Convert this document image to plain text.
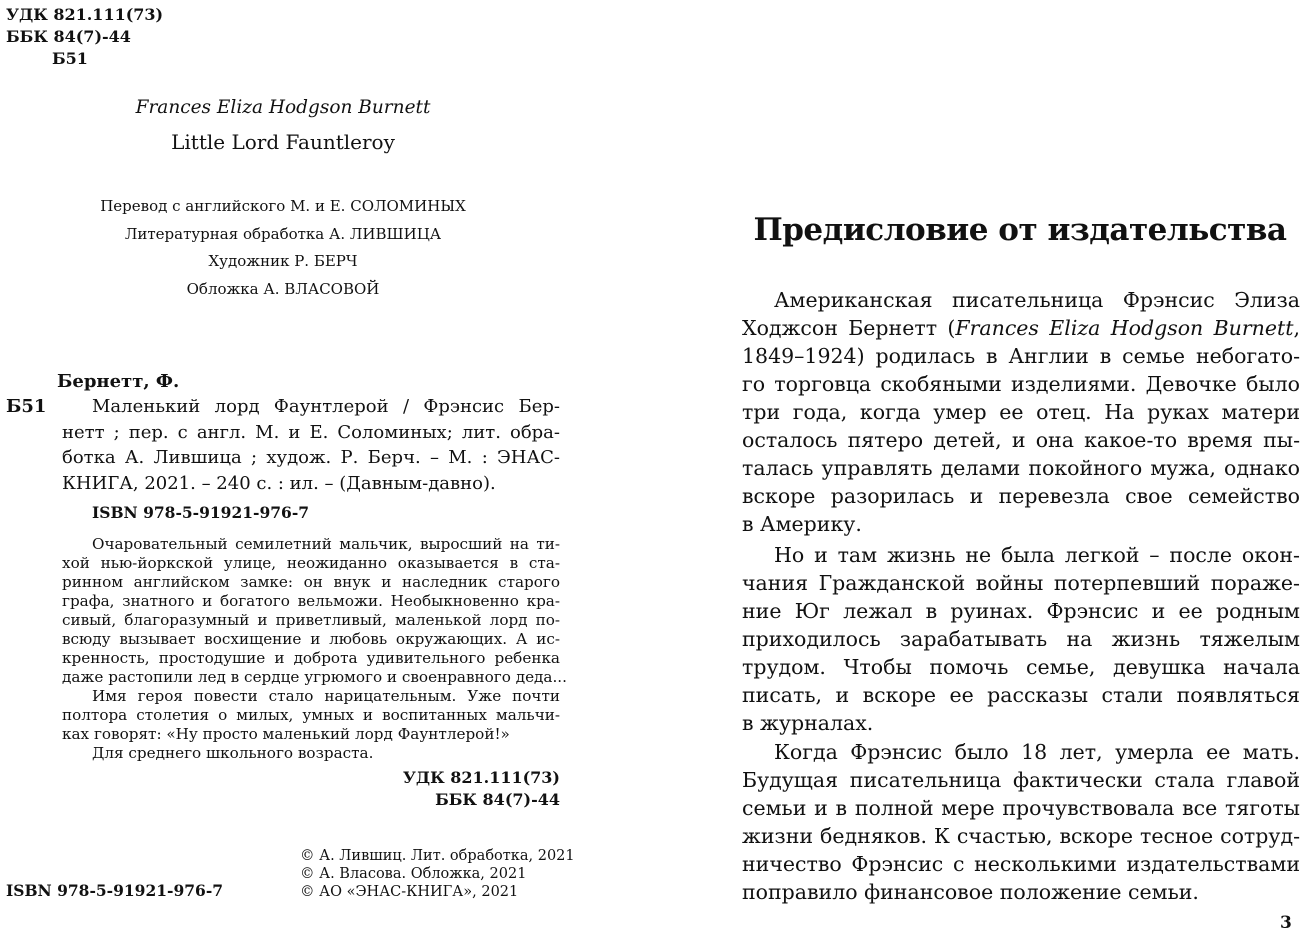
УДК 821.111(73)
ББК 84(7)-44
Б51
Frances Eliza Hodgson Burnett
Little Lord Fauntleroy
Перевод с английского М. и Е. СОЛОМИНЫХ
Литературная обработка А. ЛИВШИЦА
Художник Р. БЕРЧ
Обложка А. ВЛАСОВОЙ
Бернетт, Ф.
Б51	Маленький лорд Фаунтлерой / Фрэнсис Бер-
нетт ; пер. с англ. М. и Е. Соломиных; лит. обра-
ботка А. Лившица ; худож. Р. Берч. – М. : ЭНАС-
КНИГА, 2021. – 240 с. : ил. – (Давным-давно).
ISBN 978-5-91921-976-7
Очаровательный семилетний мальчик, выросший на ти-
хой нью-йоркской улице, неожиданно оказывается в ста-
ринном английском замке: он внук и наследник старого
графа, знатного и богатого вельможи. Необыкновенно кра-
сивый, благоразумный и приветливый, маленькой лорд по-
всюду вызывает восхищение и любовь окружающих. А ис-
кренность, простодушие и доброта удивительного ребенка
даже растопили лед в сердце угрюмого и своенравного деда...
Имя героя повести стало нарицательным. Уже почти
полтора столетия о милых, умных и воспитанных мальчи-
ках говорят: «Ну просто маленький лорд Фаунтлерой!»
Для среднего школьного возраста.
УДК 821.111(73)
ББК 84(7)-44
© А. Лившиц. Лит. обработка, 2021
© А. Власова. Обложка, 2021
© АО «ЭНАС-КНИГА», 2021
ISBN 978-5-91921-976-7
Предисловие от издательства
Американская писательница Фрэнсис Элиза
Ходжсон Бернетт (Frances Eliza Hodgson Burnett,
1849–1924) родилась в Англии в семье небогато-
го торговца скобяными изделиями. Девочке было
три года, когда умер ее отец. На руках матери
осталось пятеро детей, и она какое-то время пы-
талась управлять делами покойного мужа, однако
вскоре разорилась и перевезла свое семейство
в Америку.
Но и там жизнь не была легкой – после окон-
чания Гражданской войны потерпевший пораже-
ние Юг лежал в руинах. Фрэнсис и ее родным
приходилось зарабатывать на жизнь тяжелым
трудом. Чтобы помочь семье, девушка начала
писать, и вскоре ее рассказы стали появляться
в журналах.
Когда Фрэнсис было 18 лет, умерла ее мать.
Будущая писательница фактически стала главой
семьи и в полной мере прочувствовала все тяготы
жизни бедняков. К счастью, вскоре тесное сотруд-
ничество Фрэнсис с несколькими издательствами
поправило финансовое положение семьи.
3
